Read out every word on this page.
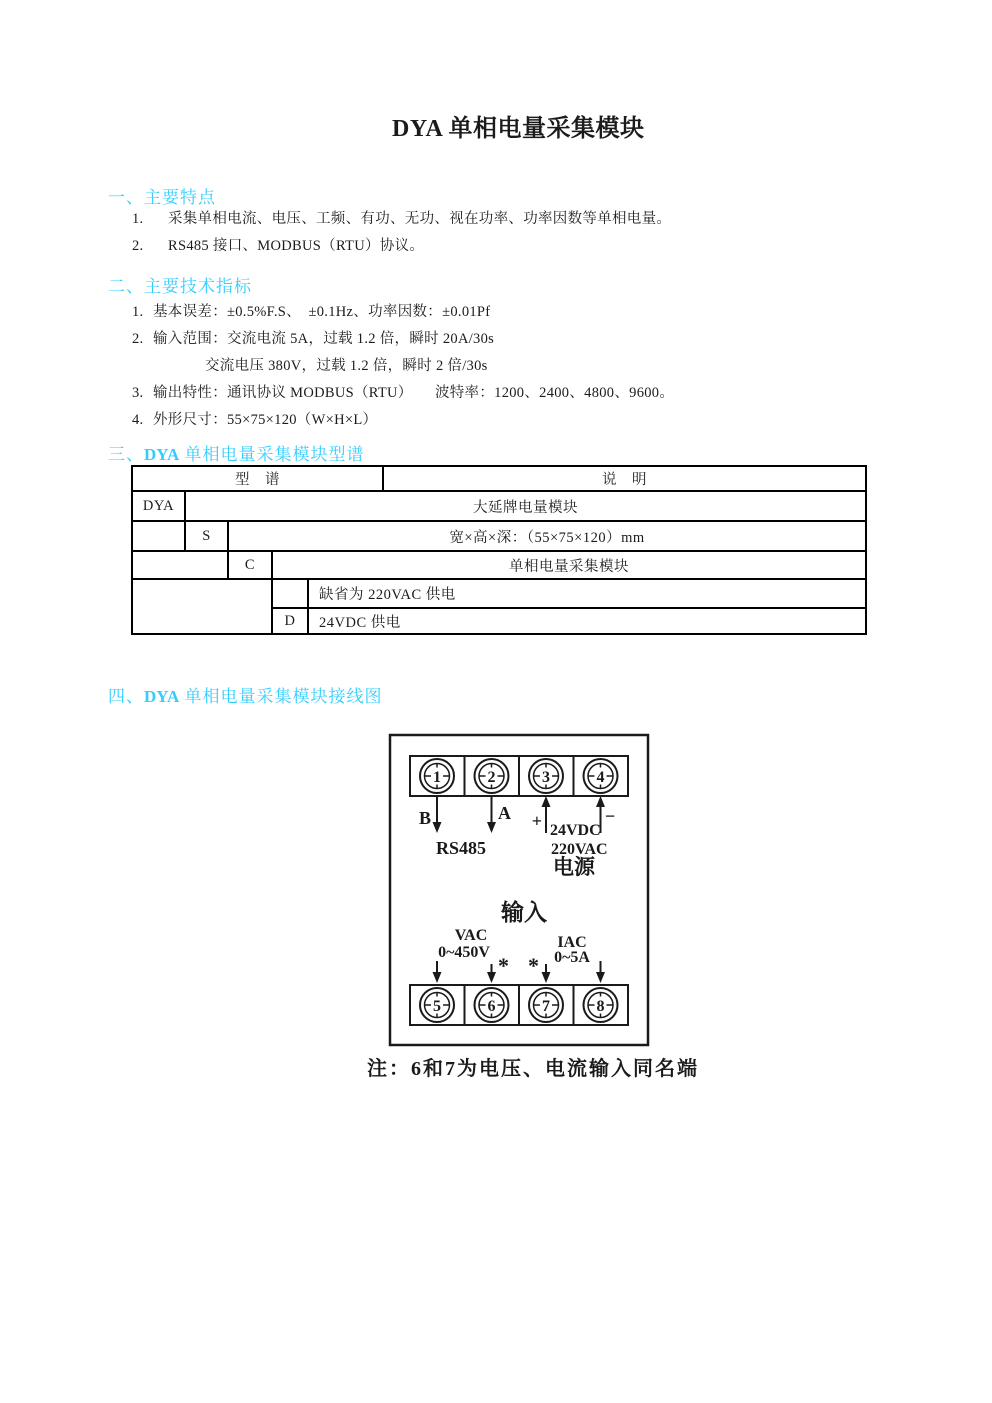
DYA 单相电量采集模块
一、主要特点
1. 采集单相电流、电压、工频、有功、无功、视在功率、功率因数等单相电量。
2. RS485 接口、MODBUS（RTU）协议。
二、主要技术指标
1. 基本误差：±0.5%F.S、　±0.1Hz、功率因数：±0.01Pf
2. 输入范围：交流电流 5A，过载 1.2 倍，瞬时 20A/30s
交流电压 380V，过载 1.2 倍，瞬时 2 倍/30s
3. 输出特性：通讯协议 MODBUS（RTU）　　波特率：1200、2400、4800、9600。
4. 外形尺寸：55×75×120（W×H×L）
三、DYA 单相电量采集模块型谱
型　谱	说　明
DYA	大延牌电量模块
S	宽×高×深：（55×75×120）mm
C	单相电量采集模块
缺省为 220VAC 供电
D	24VDC 供电
四、DYA 单相电量采集模块接线图
1	2	3	4
B	A
RS485
+	−
24VDC
220VAC
电源
输入
VAC
0~450V
IAC
0~5A
* *
5	6	7	8
注：6和7为电压、电流输入同名端
